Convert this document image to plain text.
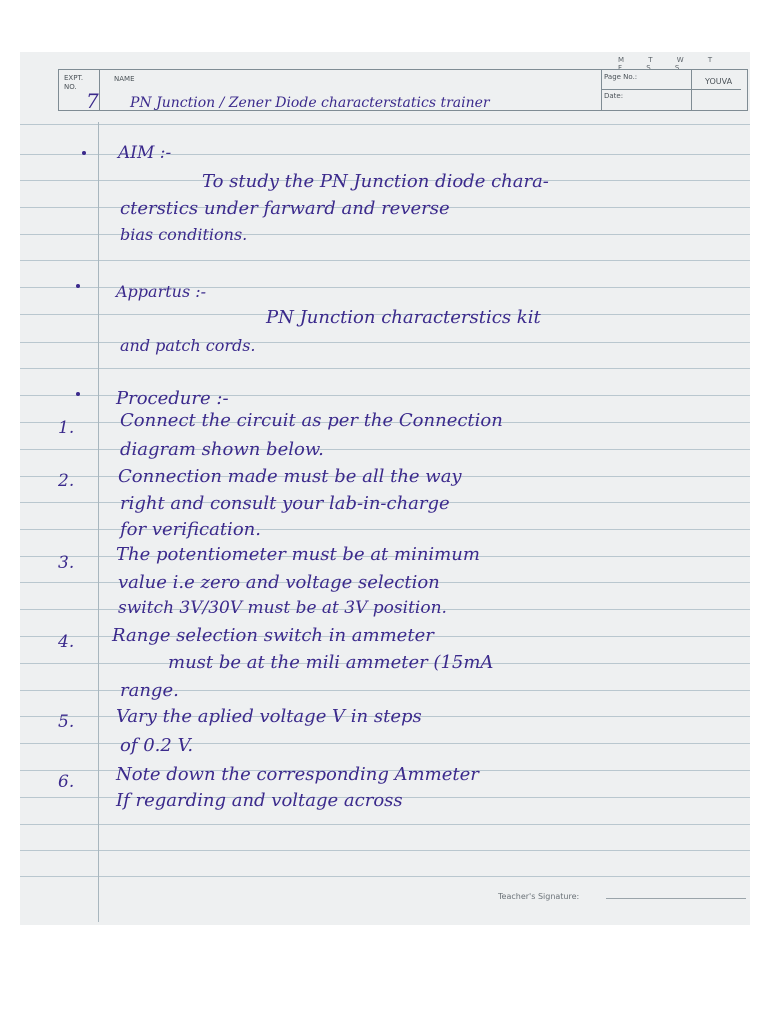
M T W T F S S
EXPT. NO.
NAME	Page No.:
Date:
YOUVA
7 PN Junction / Zener Diode characterstatics trainer
AIM :-
To study the PN Junction diode chara-
cterstics under farward and reverse
bias conditions.
Appartus :-
PN Junction characterstics kit
and patch cords.
Procedure :-
1.	Connect the circuit as per the Connection
diagram shown below.
2. Connection made must be all the way
right and consult your lab-in-charge
for verification.
3. The potentiometer must be at minimum
value i.e zero and voltage selection
switch 3V/30V must be at 3V position.
4. Range selection switch in ammeter
must be at the mili ammeter (15mA
range.
5. Vary the aplied voltage V in steps
of 0.2 V.
6. Note down the corresponding Ammeter
If regarding and voltage across
Teacher's Signature:
